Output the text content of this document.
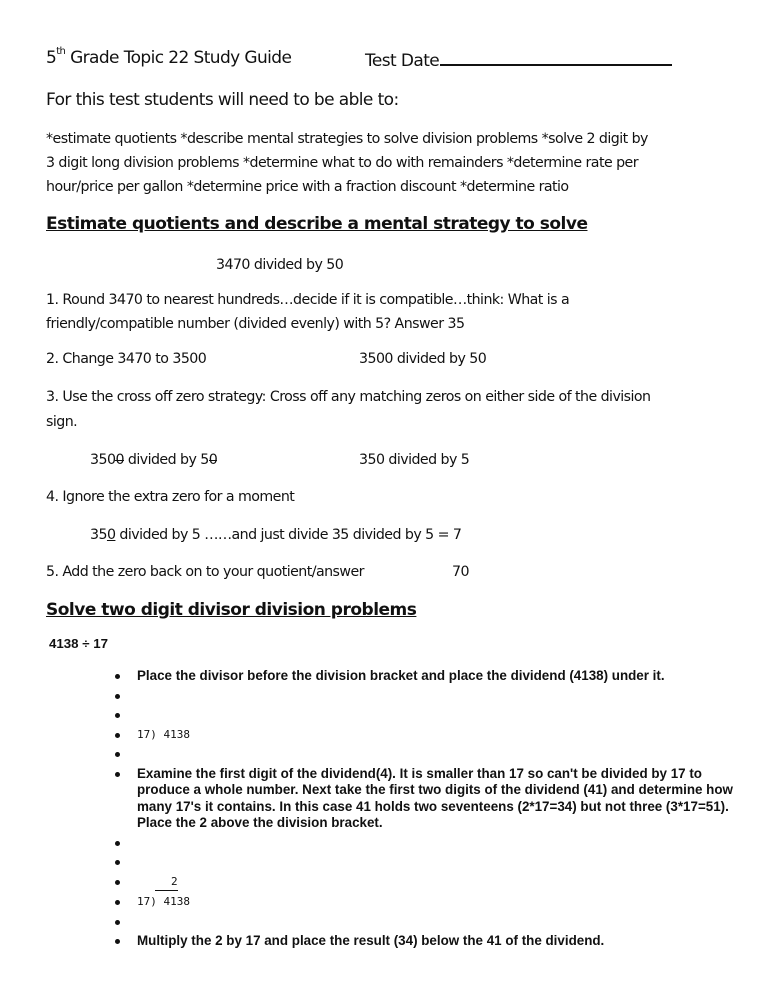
5th Grade Topic 22 Study Guide	Test Date
For this test students will need to be able to:
*estimate quotients *describe mental strategies to solve division problems *solve 2 digit by
3 digit long division problems *determine what to do with remainders *determine rate per
hour/price per gallon *determine price with a fraction discount *determine ratio
Estimate quotients and describe a mental strategy to solve
3470 divided by 50
1. Round 3470 to nearest hundreds…decide if it is compatible…think: What is a
friendly/compatible number (divided evenly) with 5? Answer 35
2. Change 3470 to 3500	3500 divided by 50
3. Use the cross off zero strategy: Cross off any matching zeros on either side of the division
sign.
3500 divided by 50	350 divided by 5
4. Ignore the extra zero for a moment
350 divided by 5 ……and just divide 35 divided by 5 = 7
5. Add the zero back on to your quotient/answer	70
Solve two digit divisor division problems
4138 ÷ 17
Place the divisor before the division bracket and place the dividend (4138) under it.
17) 4138
Examine the first digit of the dividend(4). It is smaller than 17 so can't be divided by 17 to produce a whole number. Next take the first two digits of the dividend (41) and determine how many 17's it contains. In this case 41 holds two seventeens (2*17=34) but not three (3*17=51). Place the 2 above the division bracket.
2
17) 4138
Multiply the 2 by 17 and place the result (34) below the 41 of the dividend.
